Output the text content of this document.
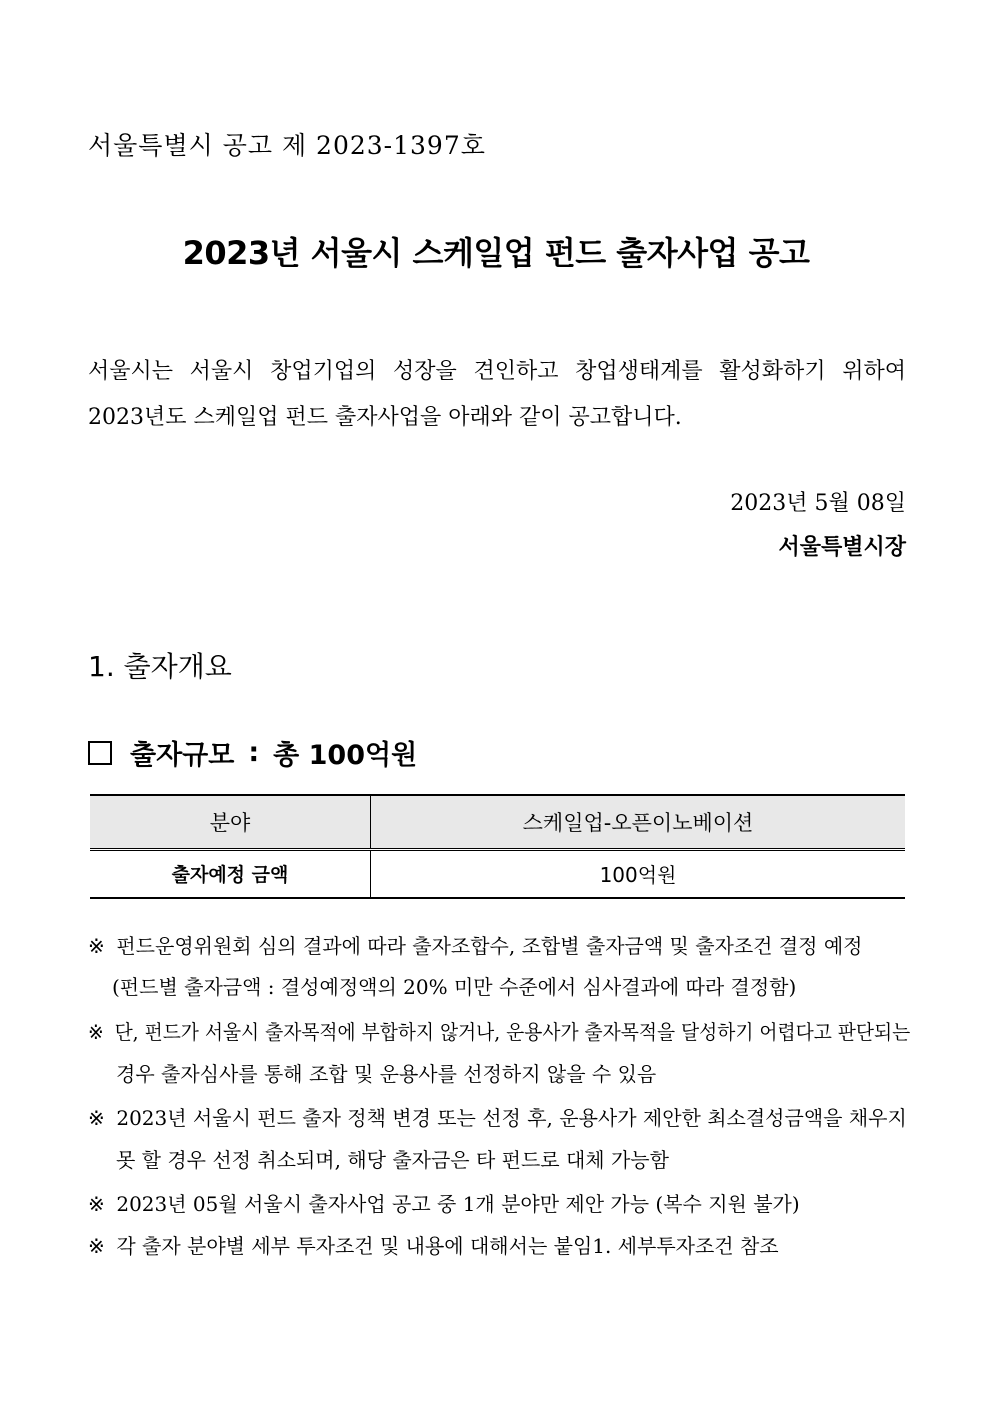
서울특별시 공고 제 2023-1397호
2023년 서울시 스케일업 펀드 출자사업 공고
서울시는 서울시 창업기업의 성장을 견인하고 창업생태계를 활성화하기 위하여
2023년도 스케일업 펀드 출자사업을 아래와 같이 공고합니다.
2023년 5월 08일
서울특별시장
1. 출자개요
출자규모 : 총 100억원
분야	스케일업-오픈이노베이션
출자예정 금액	100억원
※ 펀드운영위원회 심의 결과에 따라 출자조합수, 조합별 출자금액 및 출자조건 결정 예정
(펀드별 출자금액 : 결성예정액의 20% 미만 수준에서 심사결과에 따라 결정함)
※ 단, 펀드가 서울시 출자목적에 부합하지 않거나, 운용사가 출자목적을 달성하기 어렵다고 판단되는
경우 출자심사를 통해 조합 및 운용사를 선정하지 않을 수 있음
※ 2023년 서울시 펀드 출자 정책 변경 또는 선정 후, 운용사가 제안한 최소결성금액을 채우지
못 할 경우 선정 취소되며, 해당 출자금은 타 펀드로 대체 가능함
※ 2023년 05월 서울시 출자사업 공고 중 1개 분야만 제안 가능 (복수 지원 불가)
※ 각 출자 분야별 세부 투자조건 및 내용에 대해서는 붙임1. 세부투자조건 참조
